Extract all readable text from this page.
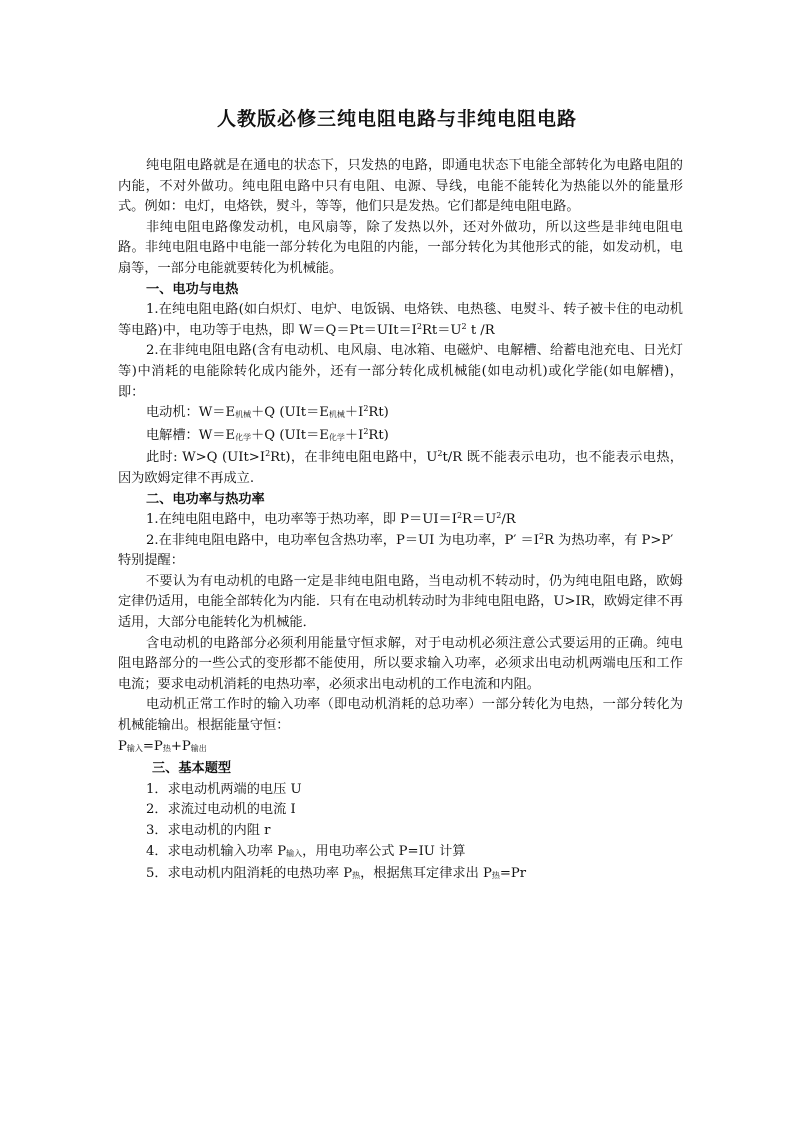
人教版必修三纯电阻电路与非纯电阻电路

纯电阻电路就是在通电的状态下，只发热的电路，即通电状态下电能全部转化为电路电阻的内能，不对外做功。纯电阻电路中只有电阻、电源、导线，电能不能转化为热能以外的能量形式。例如：电灯，电烙铁，熨斗，等等，他们只是发热。它们都是纯电阻电路。

非纯电阻电路像发动机，电风扇等，除了发热以外，还对外做功，所以这些是非纯电阻电路。非纯电阻电路中电能一部分转化为电阻的内能，一部分转化为其他形式的能，如发动机，电扇等，一部分电能就要转化为机械能。

一、电功与电热

1.在纯电阻电路(如白炽灯、电炉、电饭锅、电烙铁、电热毯、电熨斗、转子被卡住的电动机等电路)中，电功等于电热，即 $W=Q=Pt=UIt=I^2Rt=U^2$ t /R

2.在非纯电阻电路(含有电动机、电风扇、电冰箱、电磁炉、电解槽、给蓄电池充电、日光灯等)中消耗的电能除转化成内能外，还有一部分转化成机械能(如电动机)或化学能(如电解槽)，即：

电动机：$W=E_{机械}+Q$ $(UIt=E_{机械}+I^2Rt)$

电解槽：$W=E_{化学}+Q$ $(UIt=E_{化学}+I^2Rt)$

此时: W>Q $(UIt>I^2Rt)$，在非纯电阻电路中，$U^2t/R$ 既不能表示电功，也不能表示电热，因为欧姆定律不再成立.

二、电功率与热功率

1.在纯电阻电路中，电功率等于热功率，即 $P=UI=I^2R=U^2/R$

2.在非纯电阻电路中，电功率包含热功率，P＝UI 为电功率，$P' =I^2R$ 为热功率，有 P>P′

特别提醒：

不要认为有电动机的电路一定是非纯电阻电路，当电动机不转动时，仍为纯电阻电路，欧姆定律仍适用，电能全部转化为内能．只有在电动机转动时为非纯电阻电路，U>IR，欧姆定律不再适用，大部分电能转化为机械能．

含电动机的电路部分必须利用能量守恒求解，对于电动机必须注意公式要运用的正确。纯电阻电路部分的一些公式的变形都不能使用，所以要求输入功率，必须求出电动机两端电压和工作电流；要求电动机消耗的电热功率，必须求出电动机的工作电流和内阻。

电动机正常工作时的输入功率（即电动机消耗的总功率）一部分转化为电热，一部分转化为机械能输出。根据能量守恒：

$P_{输入}=P_热+P_{输出}$

三、基本题型

1．求电动机两端的电压 U

2．求流过电动机的电流 I

3．求电动机的内阻 r

4．求电动机输入功率 $P_{输入}$，用电功率公式 P=IU 计算

5．求电动机内阻消耗的电热功率 $P_热$，根据焦耳定律求出 $P_热=Pr$
